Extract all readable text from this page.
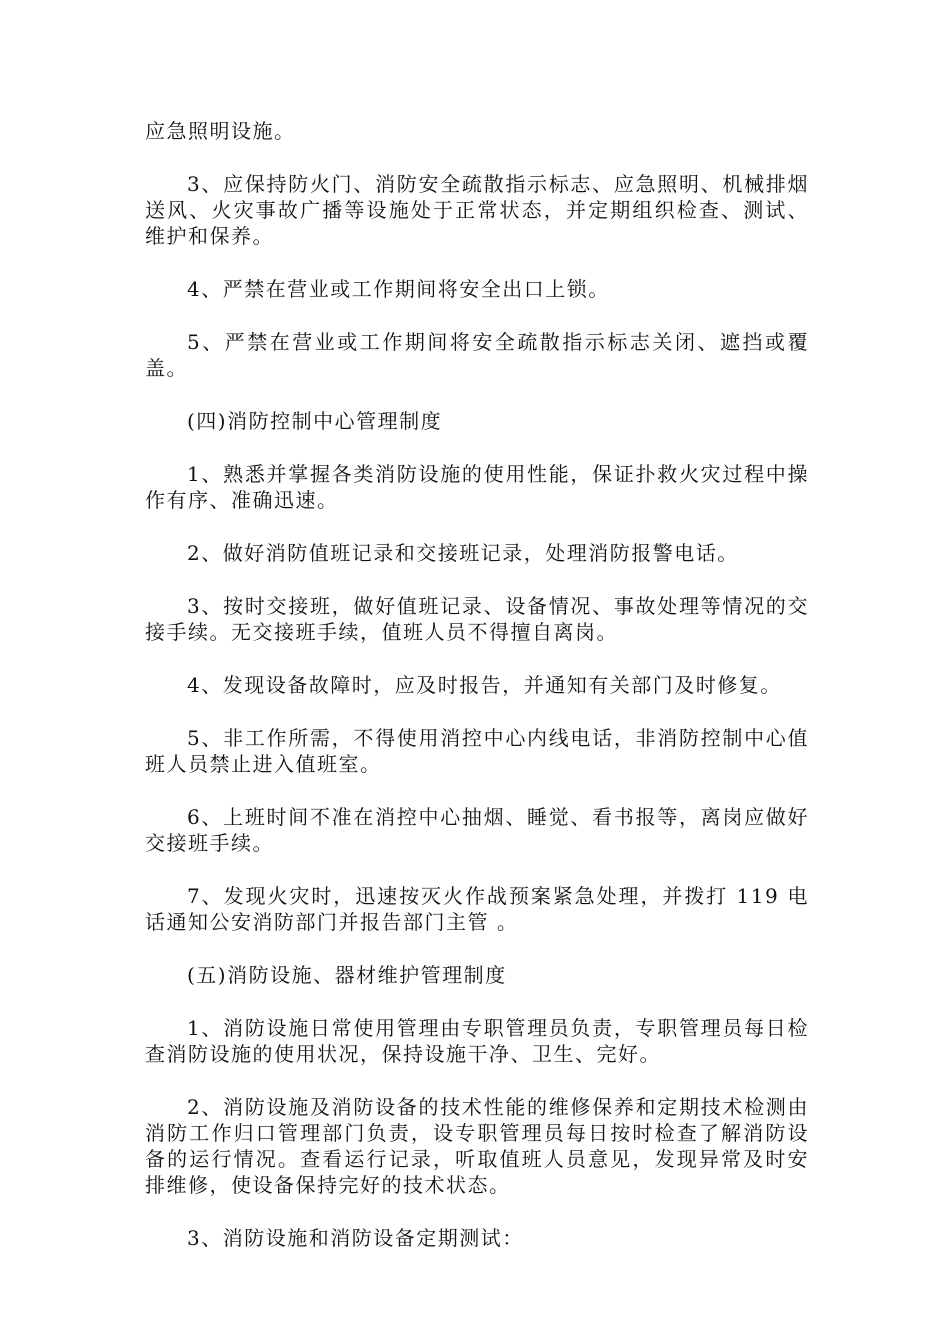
应急照明设施。

3、应保持防火门、消防安全疏散指示标志、应急照明、机械排烟送风、火灾事故广播等设施处于正常状态，并定期组织检查、测试、维护和保养。

4、严禁在营业或工作期间将安全出口上锁。

5、严禁在营业或工作期间将安全疏散指示标志关闭、遮挡或覆盖。

(四)消防控制中心管理制度

1、熟悉并掌握各类消防设施的使用性能，保证扑救火灾过程中操作有序、准确迅速。

2、做好消防值班记录和交接班记录，处理消防报警电话。

3、按时交接班，做好值班记录、设备情况、事故处理等情况的交接手续。无交接班手续，值班人员不得擅自离岗。

4、发现设备故障时，应及时报告，并通知有关部门及时修复。

5、非工作所需，不得使用消控中心内线电话，非消防控制中心值班人员禁止进入值班室。

6、上班时间不准在消控中心抽烟、睡觉、看书报等，离岗应做好交接班手续。

7、发现火灾时，迅速按灭火作战预案紧急处理，并拨打 119 电话通知公安消防部门并报告部门主管 。

(五)消防设施、器材维护管理制度

1、消防设施日常使用管理由专职管理员负责，专职管理员每日检查消防设施的使用状况，保持设施干净、卫生、完好。

2、消防设施及消防设备的技术性能的维修保养和定期技术检测由消防工作归口管理部门负责，设专职管理员每日按时检查了解消防设备的运行情况。查看运行记录，听取值班人员意见，发现异常及时安排维修，使设备保持完好的技术状态。

3、消防设施和消防设备定期测试：
